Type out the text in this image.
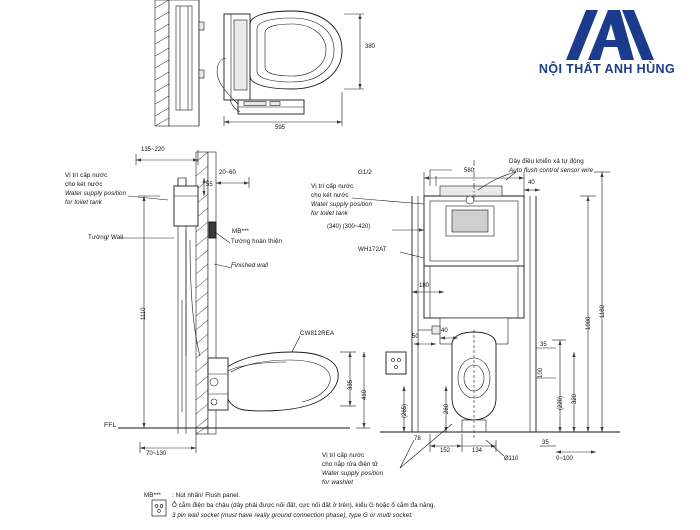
NỘI THẤT ANH HÙNG
380
595
135~220
20~60
55
1110
335
410
70~130
Vị trí cấp nước
cho két nước
Water supply position
for toilet tank
Tường/ Wall
Tường hoàn thiện
Finished wall
MB***
CW812REA
FFL
G1/2	580
40
(340) (300~420)
180
50
40
(265)	260
78
152	134
Ø110	0~100
35
35
100
(220) 320
1000
1180
Vị trí cấp nước
cho két nước
Water supply position
for toilet tank
Dây điều khiển xả tự động
Auto flush control sensor wire
WH172AT
Vị trí cấp nước
cho nắp rửa điện tử
Water supply position
for washlet
MB*** : Nút nhấn/ Flush panel.
Ổ cắm điện ba chậu (dây phải được nối đất, cực nối đất ở trên), kiểu G hoặc ổ cắm đa năng.
3 pin wall socket (must have really ground connection phase), type G or multi socket.
